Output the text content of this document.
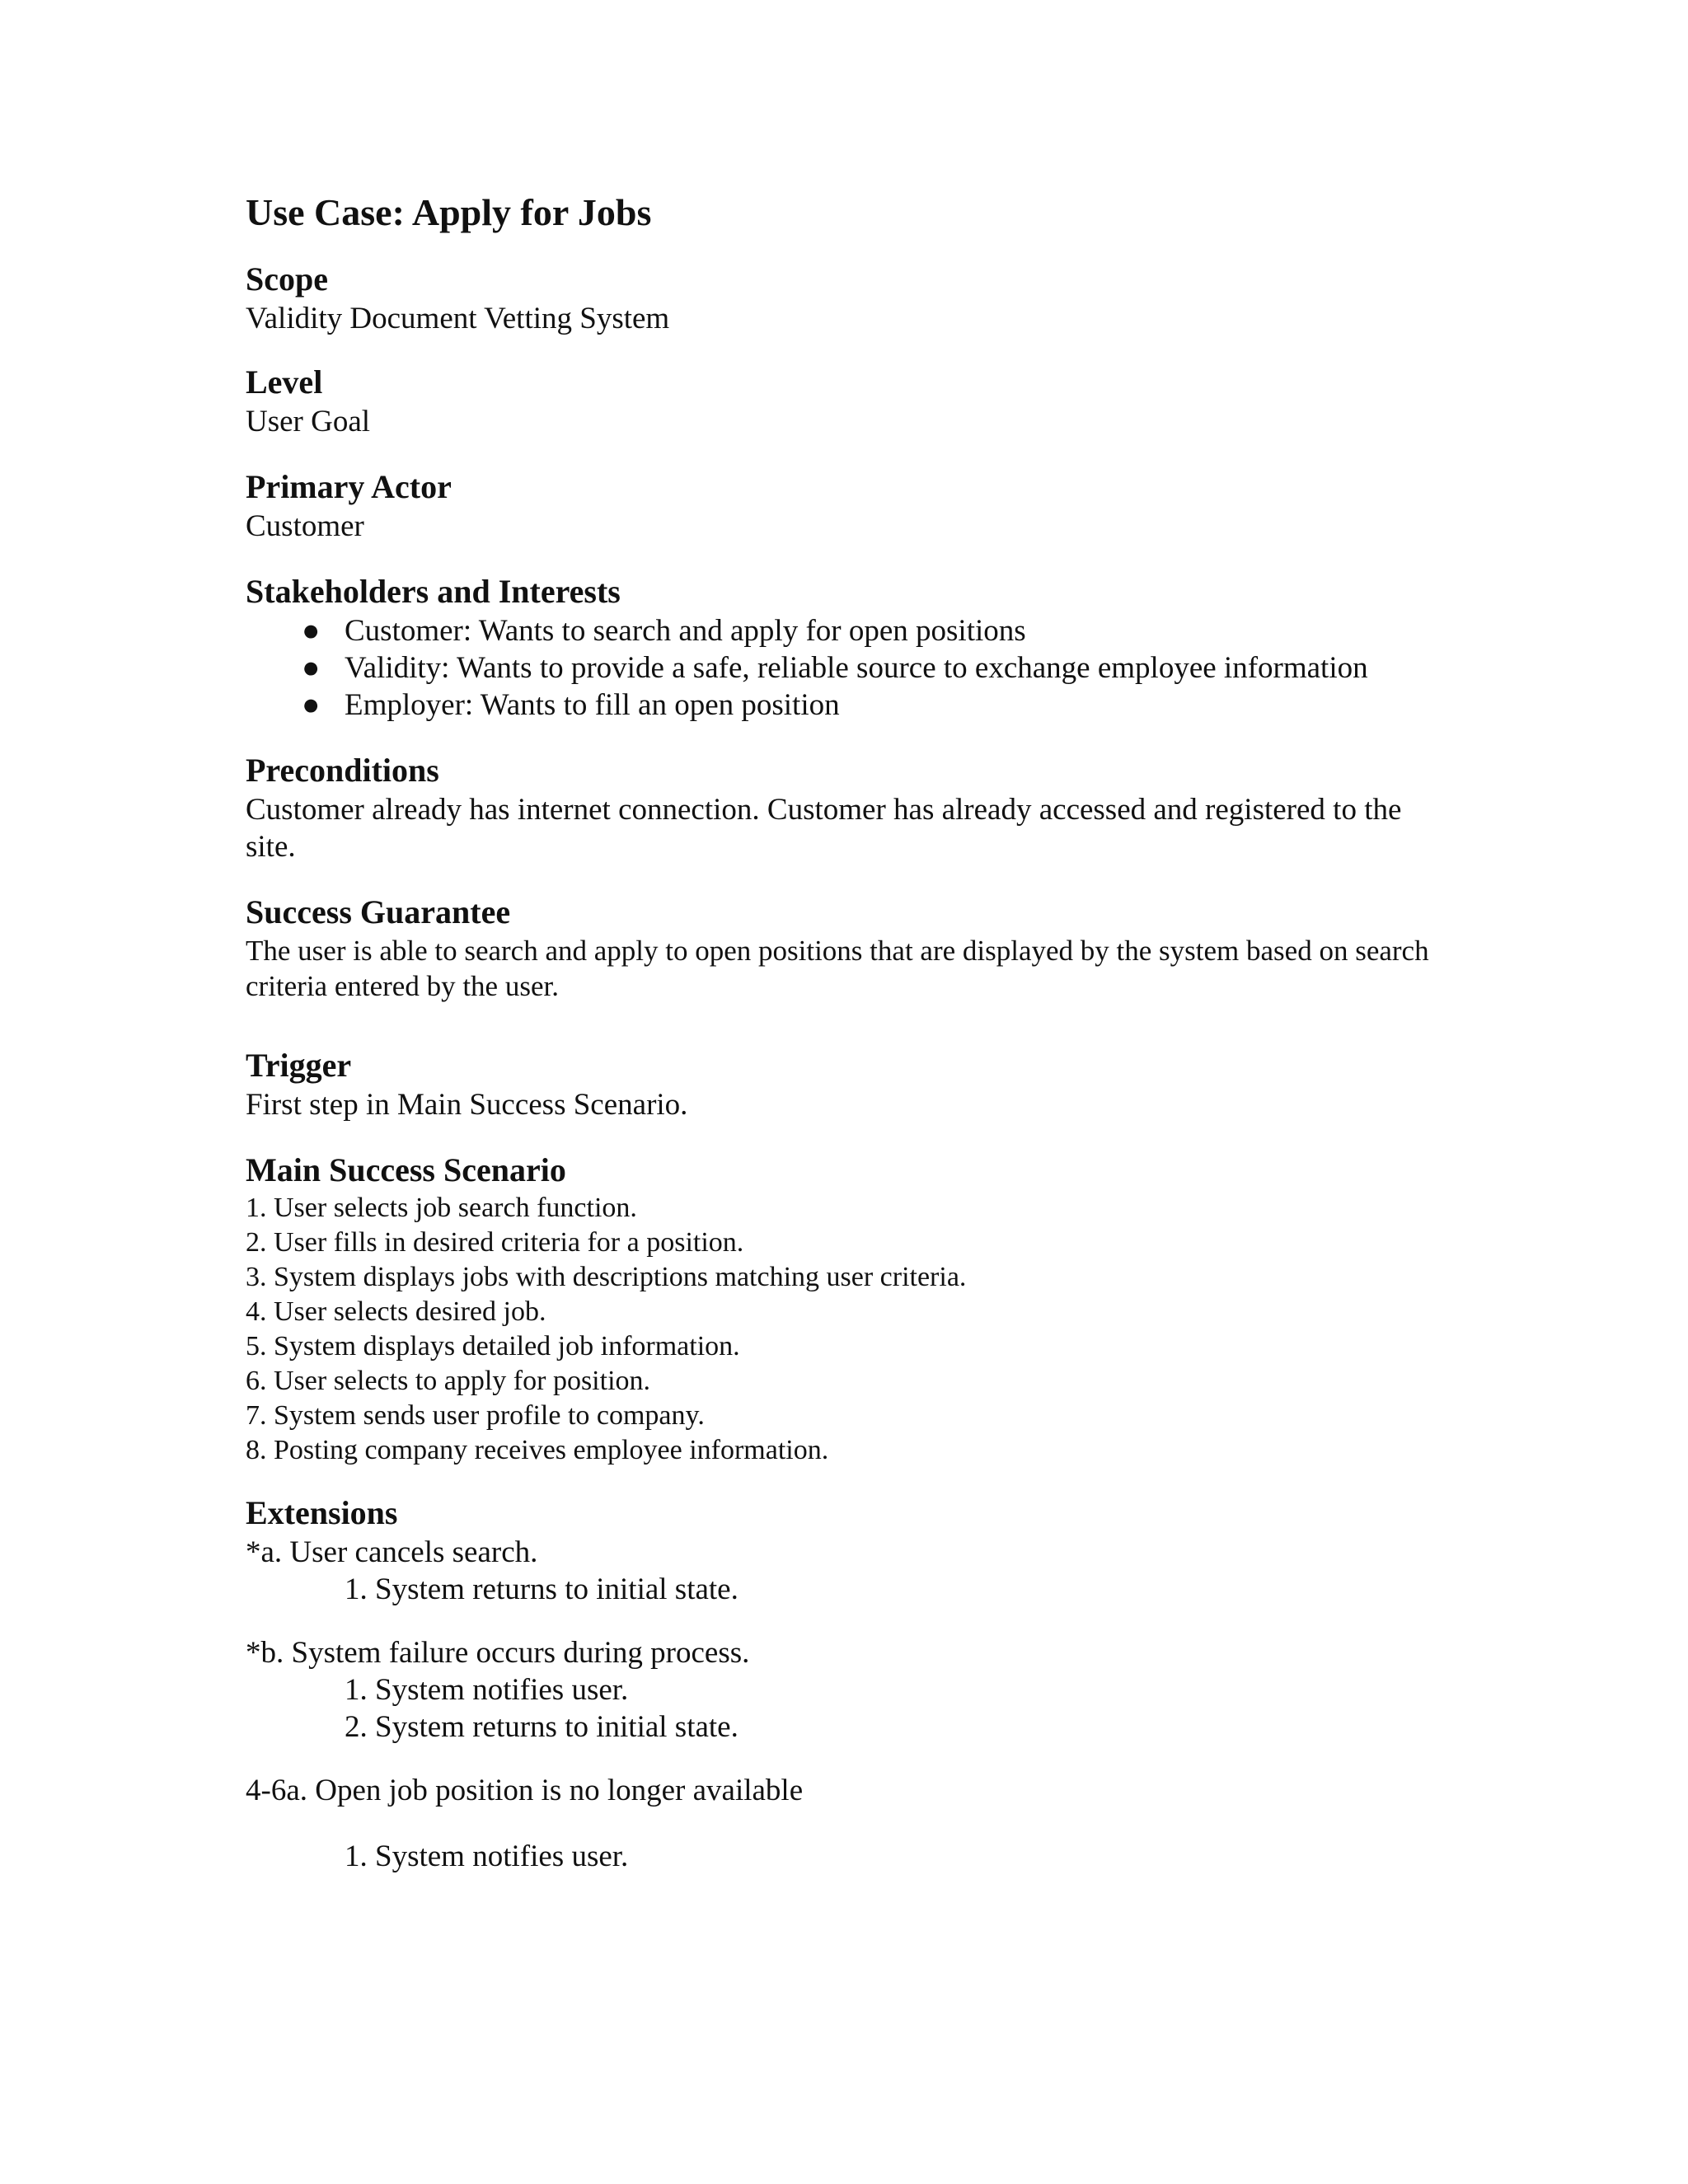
Use Case: Apply for Jobs
Scope

Validity Document Vetting System

Level

User Goal

Primary Actor

Customer

Stakeholders and Interests
● Customer: Wants to search and apply for open positions
● Validity: Wants to provide a safe, reliable source to exchange employee information
● Employer: Wants to fill an open position
Preconditions

Customer already has internet connection. Customer has already accessed and registered to the site.

Success Guarantee

The user is able to search and apply to open positions that are displayed by the system based on search criteria entered by the user.

Trigger

First step in Main Success Scenario.

Main Success Scenario

1. User selects job search function.

2. User fills in desired criteria for a position.

3. System displays jobs with descriptions matching user criteria.

4. User selects desired job.

5. System displays detailed job information.

6. User selects to apply for position.

7. System sends user profile to company.

8. Posting company receives employee information.

Extensions

*a. User cancels search.

1. System returns to initial state.

*b. System failure occurs during process.

1. System notifies user.

2. System returns to initial state.

4-6a. Open job position is no longer available

1. System notifies user.
